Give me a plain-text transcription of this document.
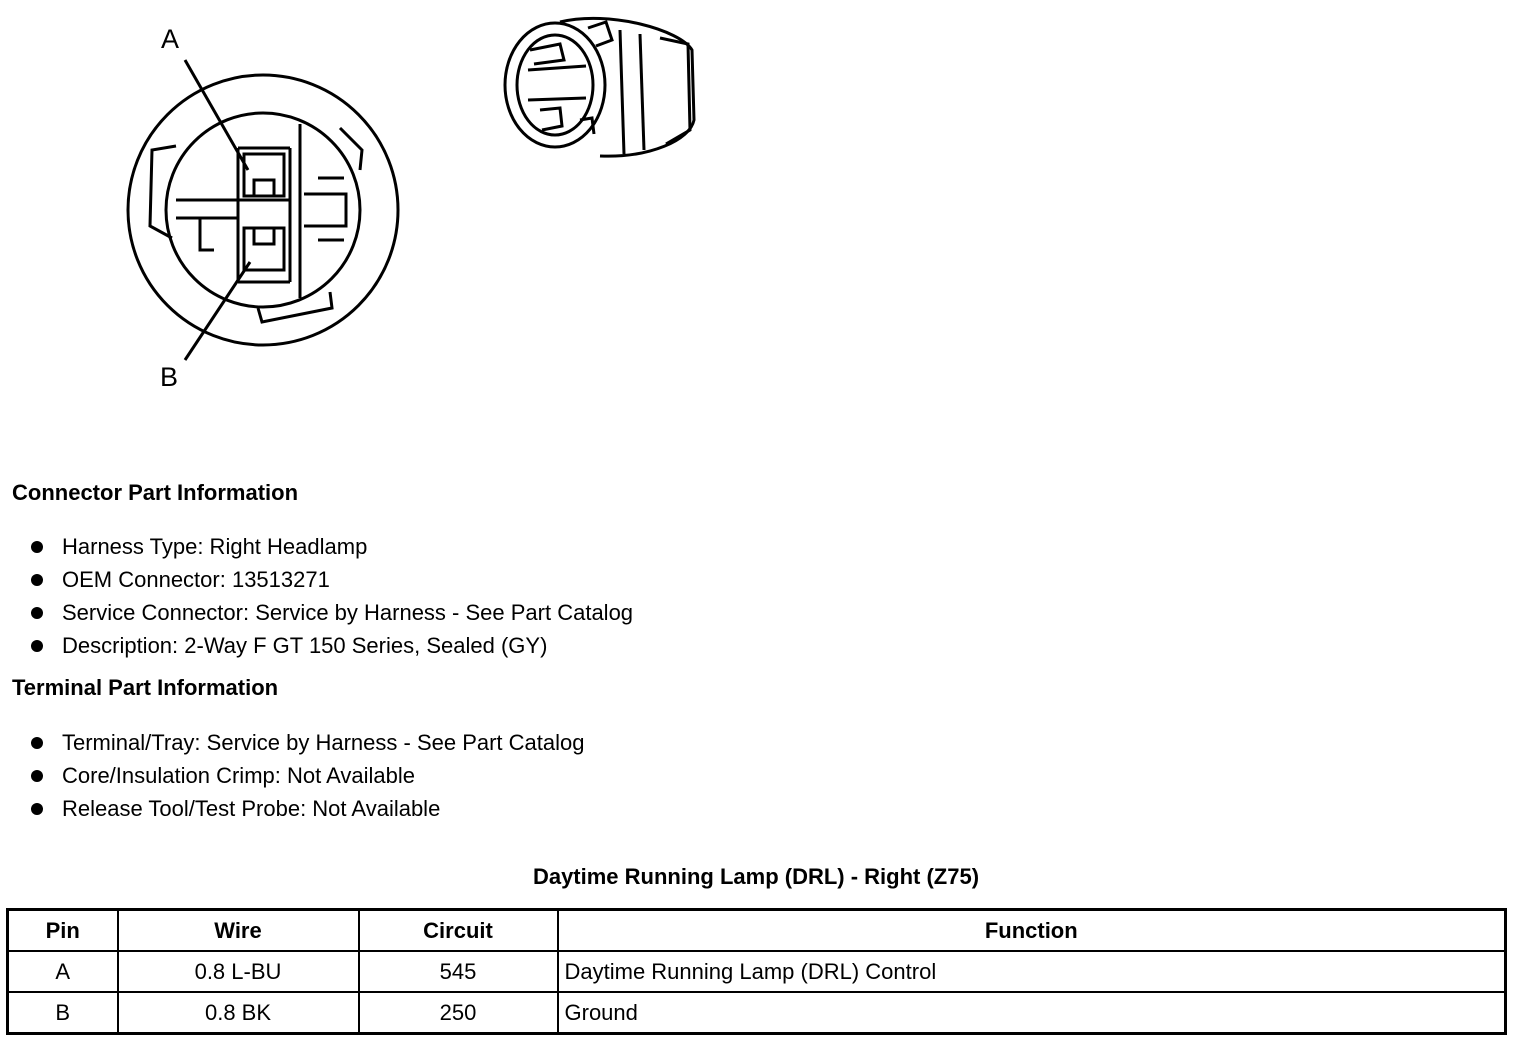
A
B
Connector Part Information
Harness Type: Right Headlamp
OEM Connector: 13513271
Service Connector: Service by Harness - See Part Catalog
Description: 2-Way F GT 150 Series, Sealed (GY)
Terminal Part Information
Terminal/Tray: Service by Harness - See Part Catalog
Core/Insulation Crimp: Not Available
Release Tool/Test Probe: Not Available
Daytime Running Lamp (DRL) - Right (Z75)
Pin	Wire	Circuit	Function
A	0.8 L-BU	545	Daytime Running Lamp (DRL) Control
B	0.8 BK	250	Ground
